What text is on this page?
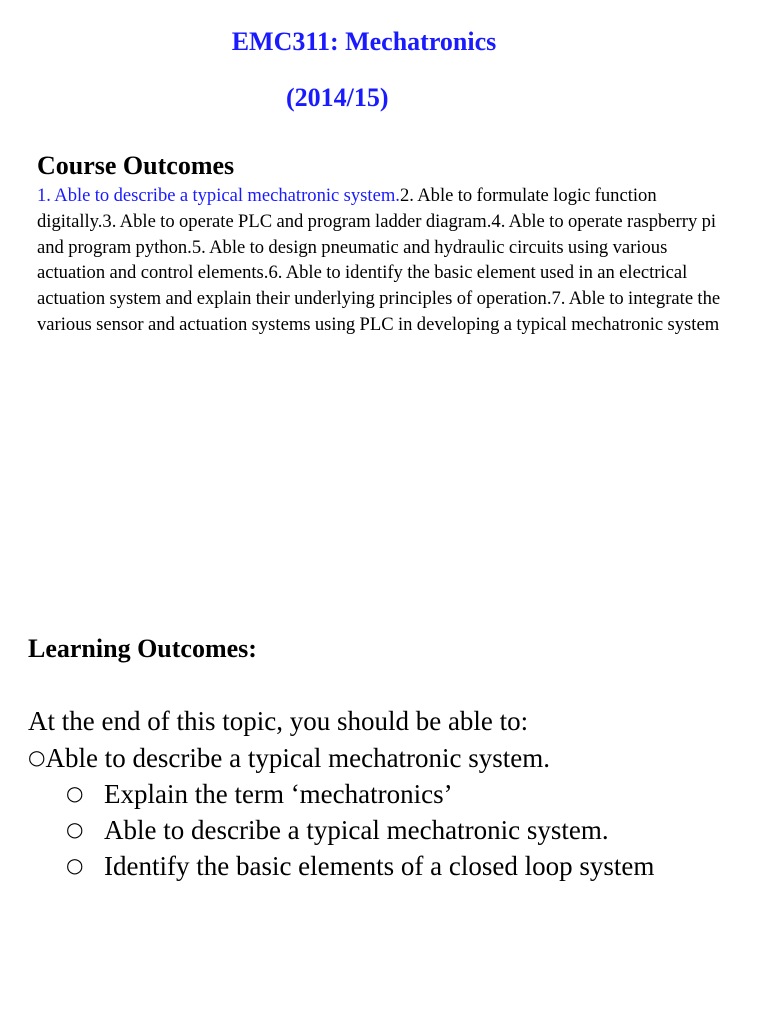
EMC311: Mechatronics
(2014/15)
Course Outcomes
1. Able to describe a typical mechatronic system.2. Able to formulate logic function digitally.3. Able to operate PLC and program ladder diagram.4. Able to operate raspberry pi and program python.5. Able to design pneumatic and hydraulic circuits using various actuation and control elements.6. Able to identify the basic element used in an electrical actuation system and explain their underlying principles of operation.7. Able to integrate the various sensor and actuation systems using PLC in developing a typical mechatronic system
Learning Outcomes:
At the end of this topic, you should be able to:
○Able to describe a typical mechatronic system.
○ Explain the term ‘mechatronics’
○ Able to describe a typical mechatronic system.
○ Identify the basic elements of a closed loop system
